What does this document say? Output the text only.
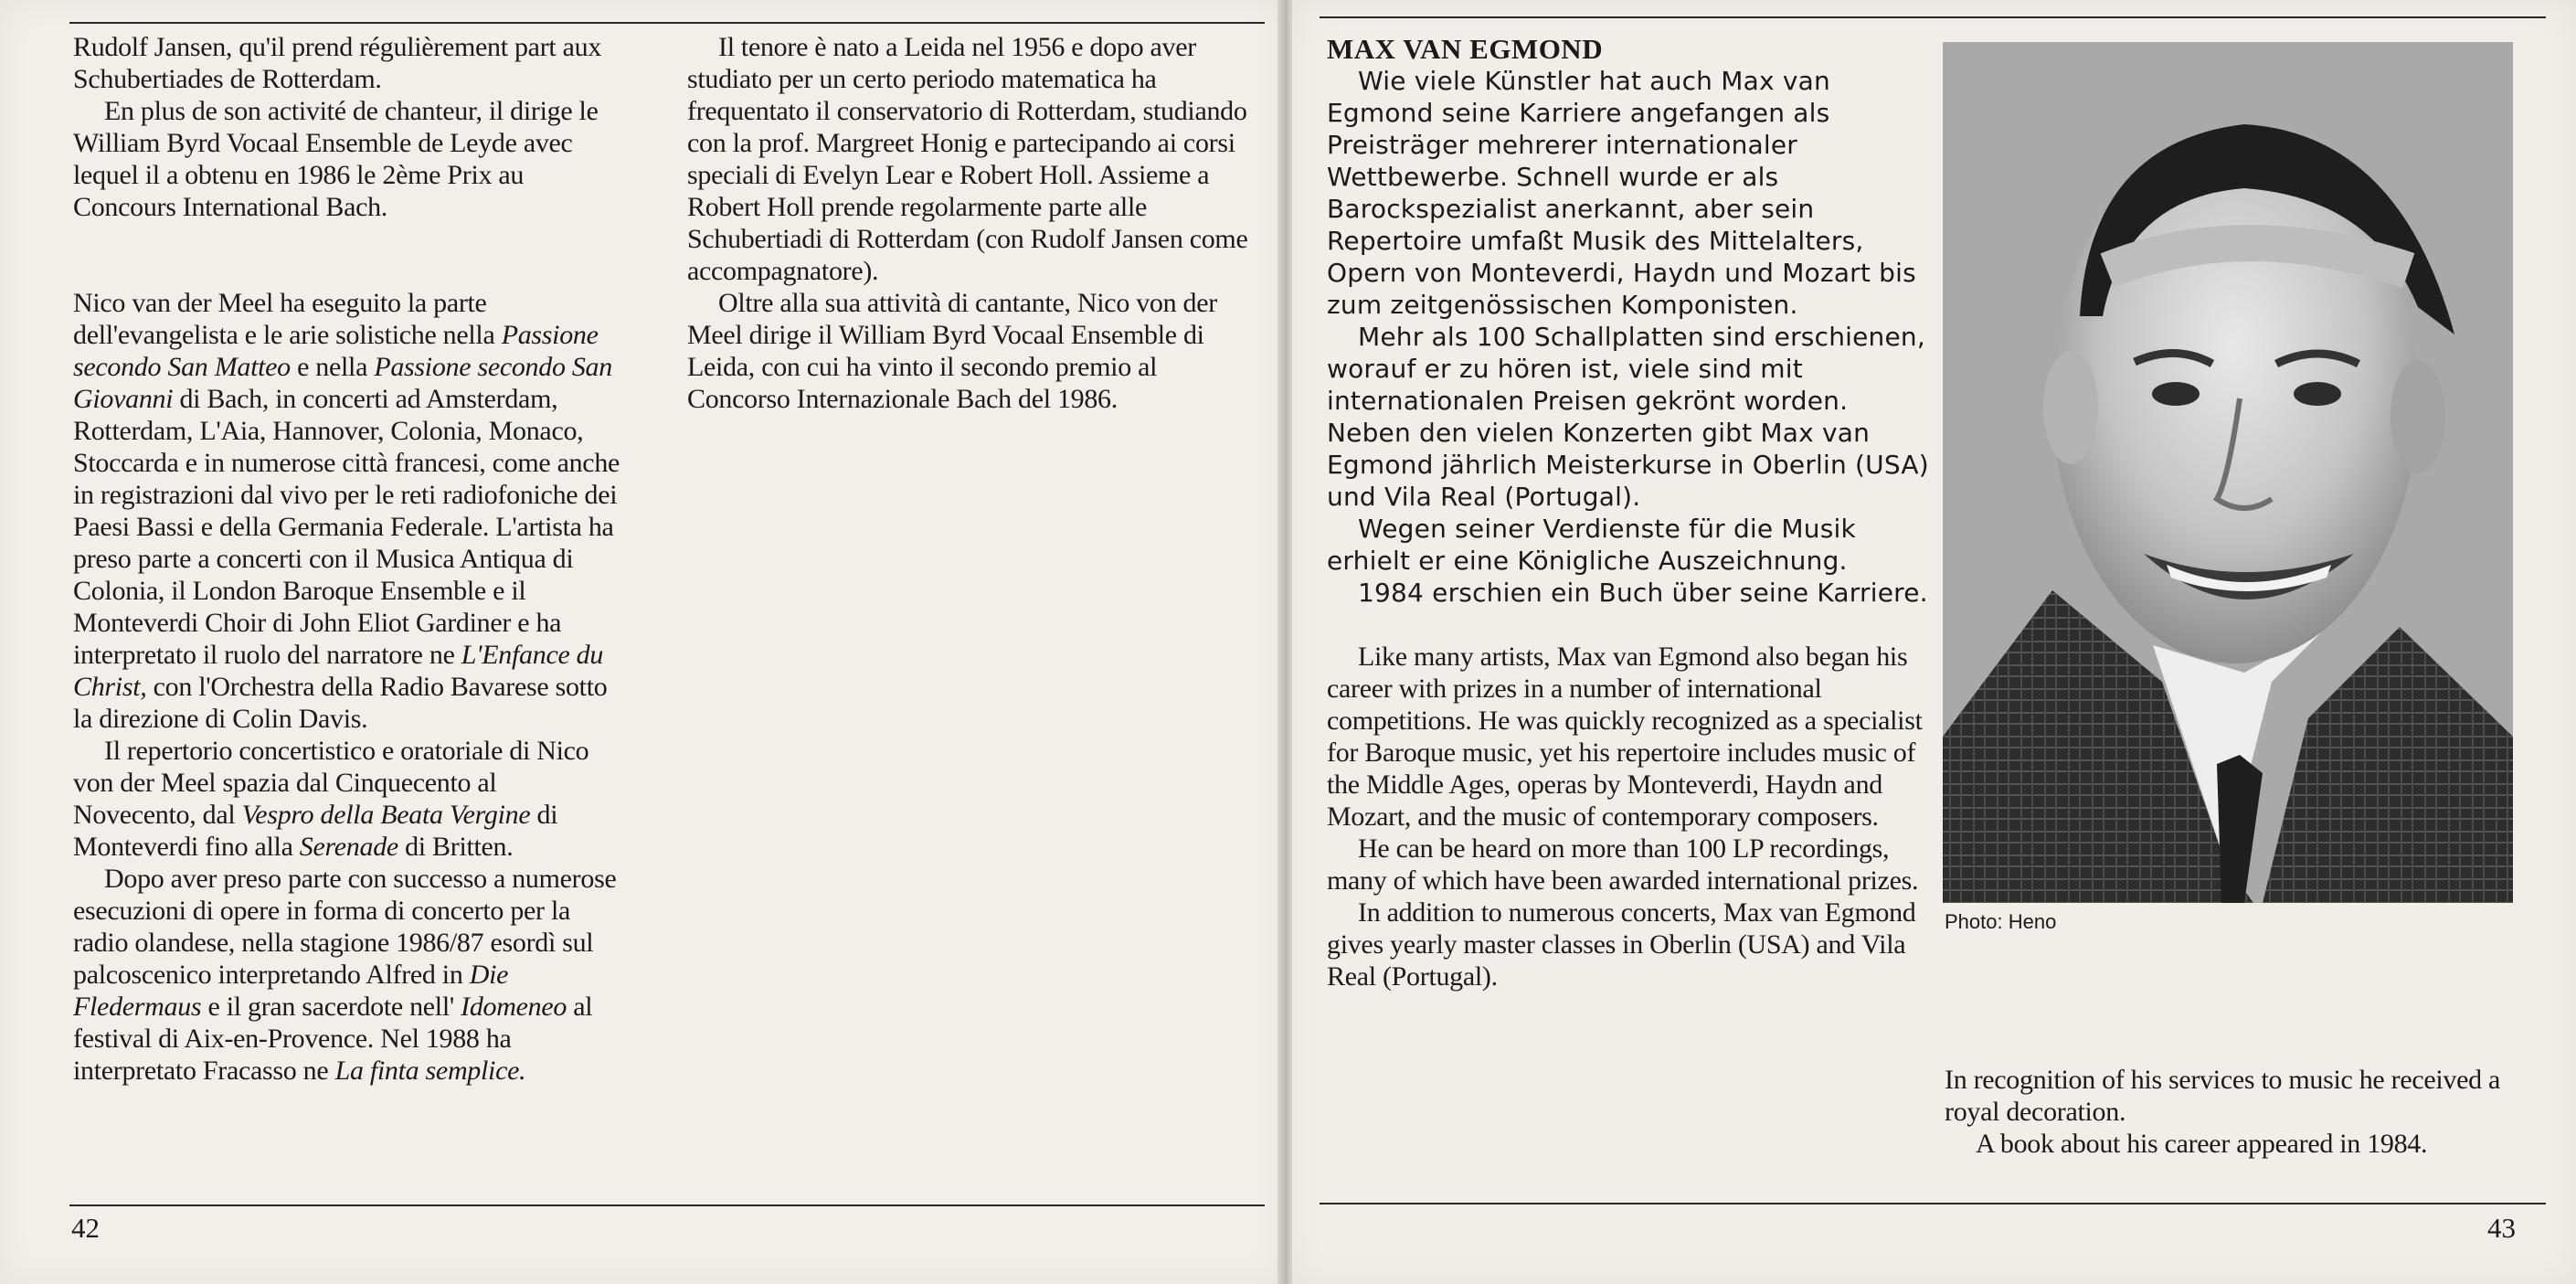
Rudolf Jansen, qu'il prend régulièrement part aux Schubertiades de Rotterdam.

En plus de son activité de chanteur, il dirige le William Byrd Vocaal Ensemble de Leyde avec lequel il a obtenu en 1986 le 2ème Prix au Concours International Bach.

Nico van der Meel ha eseguito la parte dell'evangelista e le arie solistiche nella Passione secondo San Matteo e nella Passione secondo San Giovanni di Bach, in concerti ad Amsterdam, Rotterdam, L'Aia, Hannover, Colonia, Monaco, Stoccarda e in numerose città francesi, come anche in registrazioni dal vivo per le reti radiofoniche dei Paesi Bassi e della Germania Federale. L'artista ha preso parte a concerti con il Musica Antiqua di Colonia, il London Baroque Ensemble e il Monteverdi Choir di John Eliot Gardiner e ha interpretato il ruolo del narratore ne L'Enfance du Christ, con l'Orchestra della Radio Bavarese sotto la direzione di Colin Davis.

Il repertorio concertistico e oratoriale di Nico von der Meel spazia dal Cinquecento al Novecento, dal Vespro della Beata Vergine di Monteverdi fino alla Serenade di Britten.

Dopo aver preso parte con successo a numerose esecuzioni di opere in forma di concerto per la radio olandese, nella stagione 1986/87 esordì sul palcoscenico interpretando Alfred in Die Fledermaus e il gran sacerdote nell' Idomeneo al festival di Aix-en-Provence. Nel 1988 ha interpretato Fracasso ne La finta semplice.

Il tenore è nato a Leida nel 1956 e dopo aver studiato per un certo periodo matematica ha frequentato il conservatorio di Rotterdam, studiando con la prof. Margreet Honig e partecipando ai corsi speciali di Evelyn Lear e Robert Holl. Assieme a Robert Holl prende regolarmente parte alle Schubertiadi di Rotterdam (con Rudolf Jansen come accompagnatore).

Oltre alla sua attività di cantante, Nico von der Meel dirige il William Byrd Vocaal Ensemble di Leida, con cui ha vinto il secondo premio al Concorso Internazionale Bach del 1986.

42

MAX VAN EGMOND

Wie viele Künstler hat auch Max van Egmond seine Karriere angefangen als Preisträger mehrerer internationaler Wettbewerbe. Schnell wurde er als Barockspezialist anerkannt, aber sein Repertoire umfaßt Musik des Mittelalters, Opern von Monteverdi, Haydn und Mozart bis zum zeitgenössischen Komponisten.

Mehr als 100 Schallplatten sind erschienen, worauf er zu hören ist, viele sind mit internationalen Preisen gekrönt worden. Neben den vielen Konzerten gibt Max van Egmond jährlich Meisterkurse in Oberlin (USA) und Vila Real (Portugal).

Wegen seiner Verdienste für die Musik erhielt er eine Königliche Auszeichnung.

1984 erschien ein Buch über seine Karriere.

Like many artists, Max van Egmond also began his career with prizes in a number of international competitions. He was quickly recognized as a specialist for Baroque music, yet his repertoire includes music of the Middle Ages, operas by Monteverdi, Haydn and Mozart, and the music of contemporary composers.

He can be heard on more than 100 LP recordings, many of which have been awarded international prizes.

In addition to numerous concerts, Max van Egmond gives yearly master classes in Oberlin (USA) and Vila Real (Portugal).

43
Photo: Heno

In recognition of his services to music he received a royal decoration.

A book about his career appeared in 1984.
